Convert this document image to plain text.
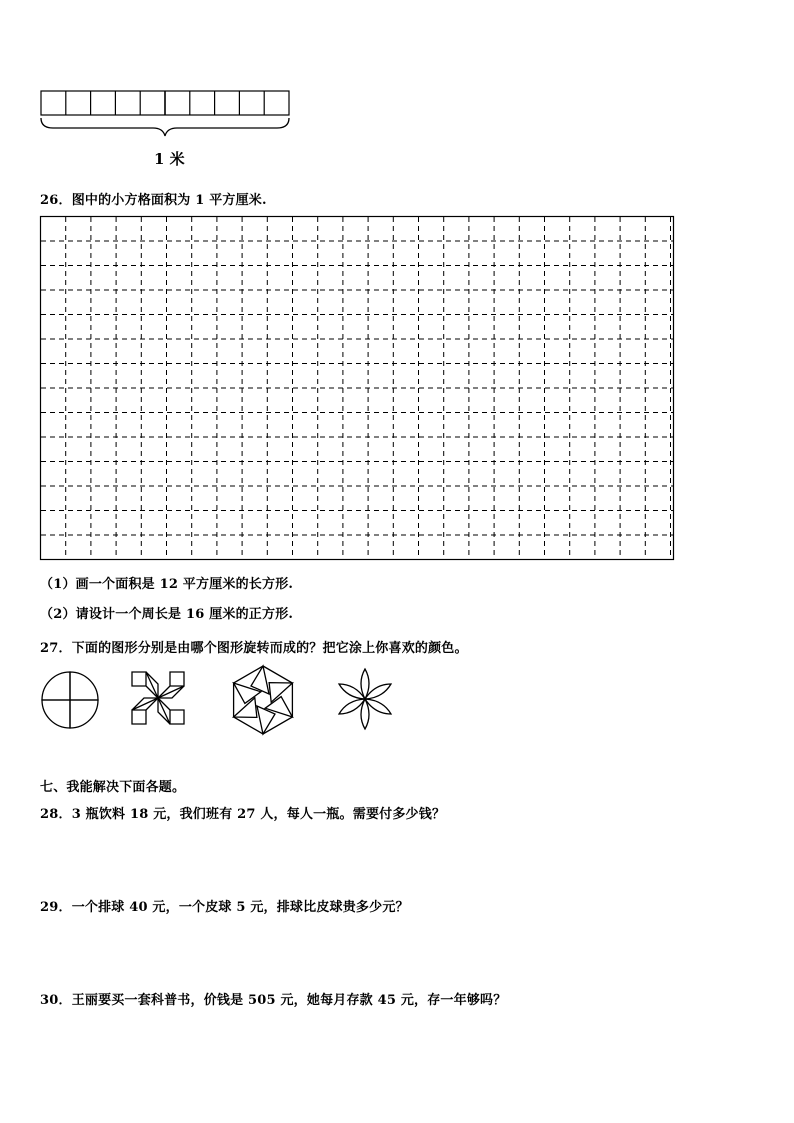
1 米
26．图中的小方格面积为 1 平方厘米.
（1）画一个面积是 12 平方厘米的长方形.
（2）请设计一个周长是 16 厘米的正方形.
27．下面的图形分别是由哪个图形旋转而成的？把它涂上你喜欢的颜色。
七、我能解决下面各题。
28．3 瓶饮料 18 元，我们班有 27 人，每人一瓶。需要付多少钱？
29．一个排球 40 元，一个皮球 5 元，排球比皮球贵多少元？
30．王丽要买一套科普书，价钱是 505 元，她每月存款 45 元，存一年够吗？
